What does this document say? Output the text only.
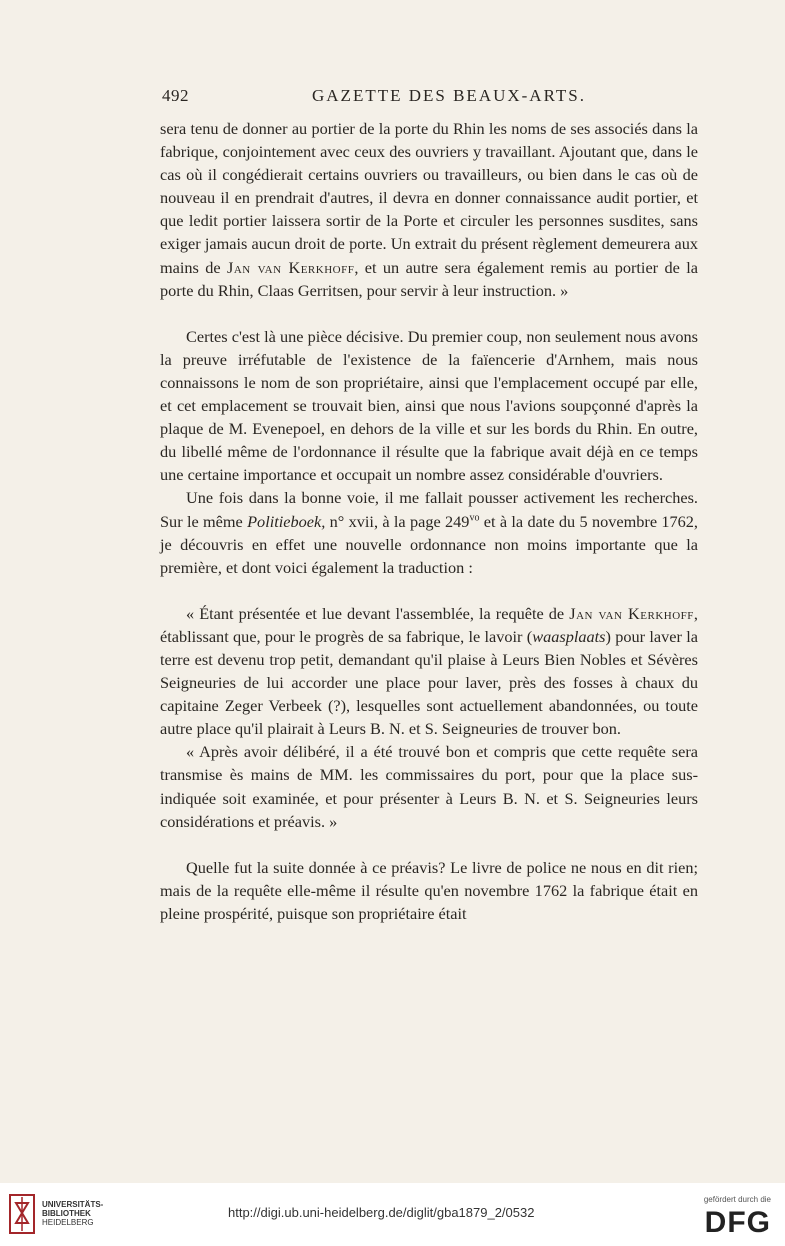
492	GAZETTE DES BEAUX-ARTS.

sera tenu de donner au portier de la porte du Rhin les noms de ses associés dans la fabrique, conjointement avec ceux des ouvriers y travaillant. Ajoutant que, dans le cas où il congédierait certains ouvriers ou travailleurs, ou bien dans le cas où de nouveau il en prendrait d'autres, il devra en donner connaissance audit portier, et que ledit portier laissera sortir de la Porte et circuler les personnes susdites, sans exiger jamais aucun droit de porte. Un extrait du présent règlement demeurera aux mains de Jan van Kerkhoff, et un autre sera également remis au portier de la porte du Rhin, Claas Gerritsen, pour servir à leur instruction. »

Certes c'est là une pièce décisive. Du premier coup, non seulement nous avons la preuve irréfutable de l'existence de la faïencerie d'Arnhem, mais nous connaissons le nom de son propriétaire, ainsi que l'emplacement occupé par elle, et cet emplacement se trouvait bien, ainsi que nous l'avions soupçonné d'après la plaque de M. Evenepoel, en dehors de la ville et sur les bords du Rhin. En outre, du libellé même de l'ordonnance il résulte que la fabrique avait déjà en ce temps une certaine importance et occupait un nombre assez considérable d'ouvriers.

Une fois dans la bonne voie, il me fallait pousser activement les recherches. Sur le même Politieboek, n° xvii, à la page $249^{vo}$ et à la date du 5 novembre 1762, je découvris en effet une nouvelle ordonnance non moins importante que la première, et dont voici également la traduction :

« Étant présentée et lue devant l'assemblée, la requête de Jan van Kerkhoff, établissant que, pour le progrès de sa fabrique, le lavoir (waasplaats) pour laver la terre est devenu trop petit, demandant qu'il plaise à Leurs Bien Nobles et Sévères Seigneuries de lui accorder une place pour laver, près des fosses à chaux du capitaine Zeger Verbeek (?), lesquelles sont actuellement abandonnées, ou toute autre place qu'il plairait à Leurs B. N. et S. Seigneuries de trouver bon.

« Après avoir délibéré, il a été trouvé bon et compris que cette requête sera transmise ès mains de MM. les commissaires du port, pour que la place sus-indiquée soit examinée, et pour présenter à Leurs B. N. et S. Seigneuries leurs considérations et préavis. »

Quelle fut la suite donnée à ce préavis? Le livre de police ne nous en dit rien; mais de la requête elle-même il résulte qu'en novembre 1762 la fabrique était en pleine prospérité, puisque son propriétaire était

UNIVERSITÄTS-
BIBLIOTHEK
HEIDELBERG
http://digi.ub.uni-heidelberg.de/diglit/gba1879_2/0532
gefördert durch die
DFG
